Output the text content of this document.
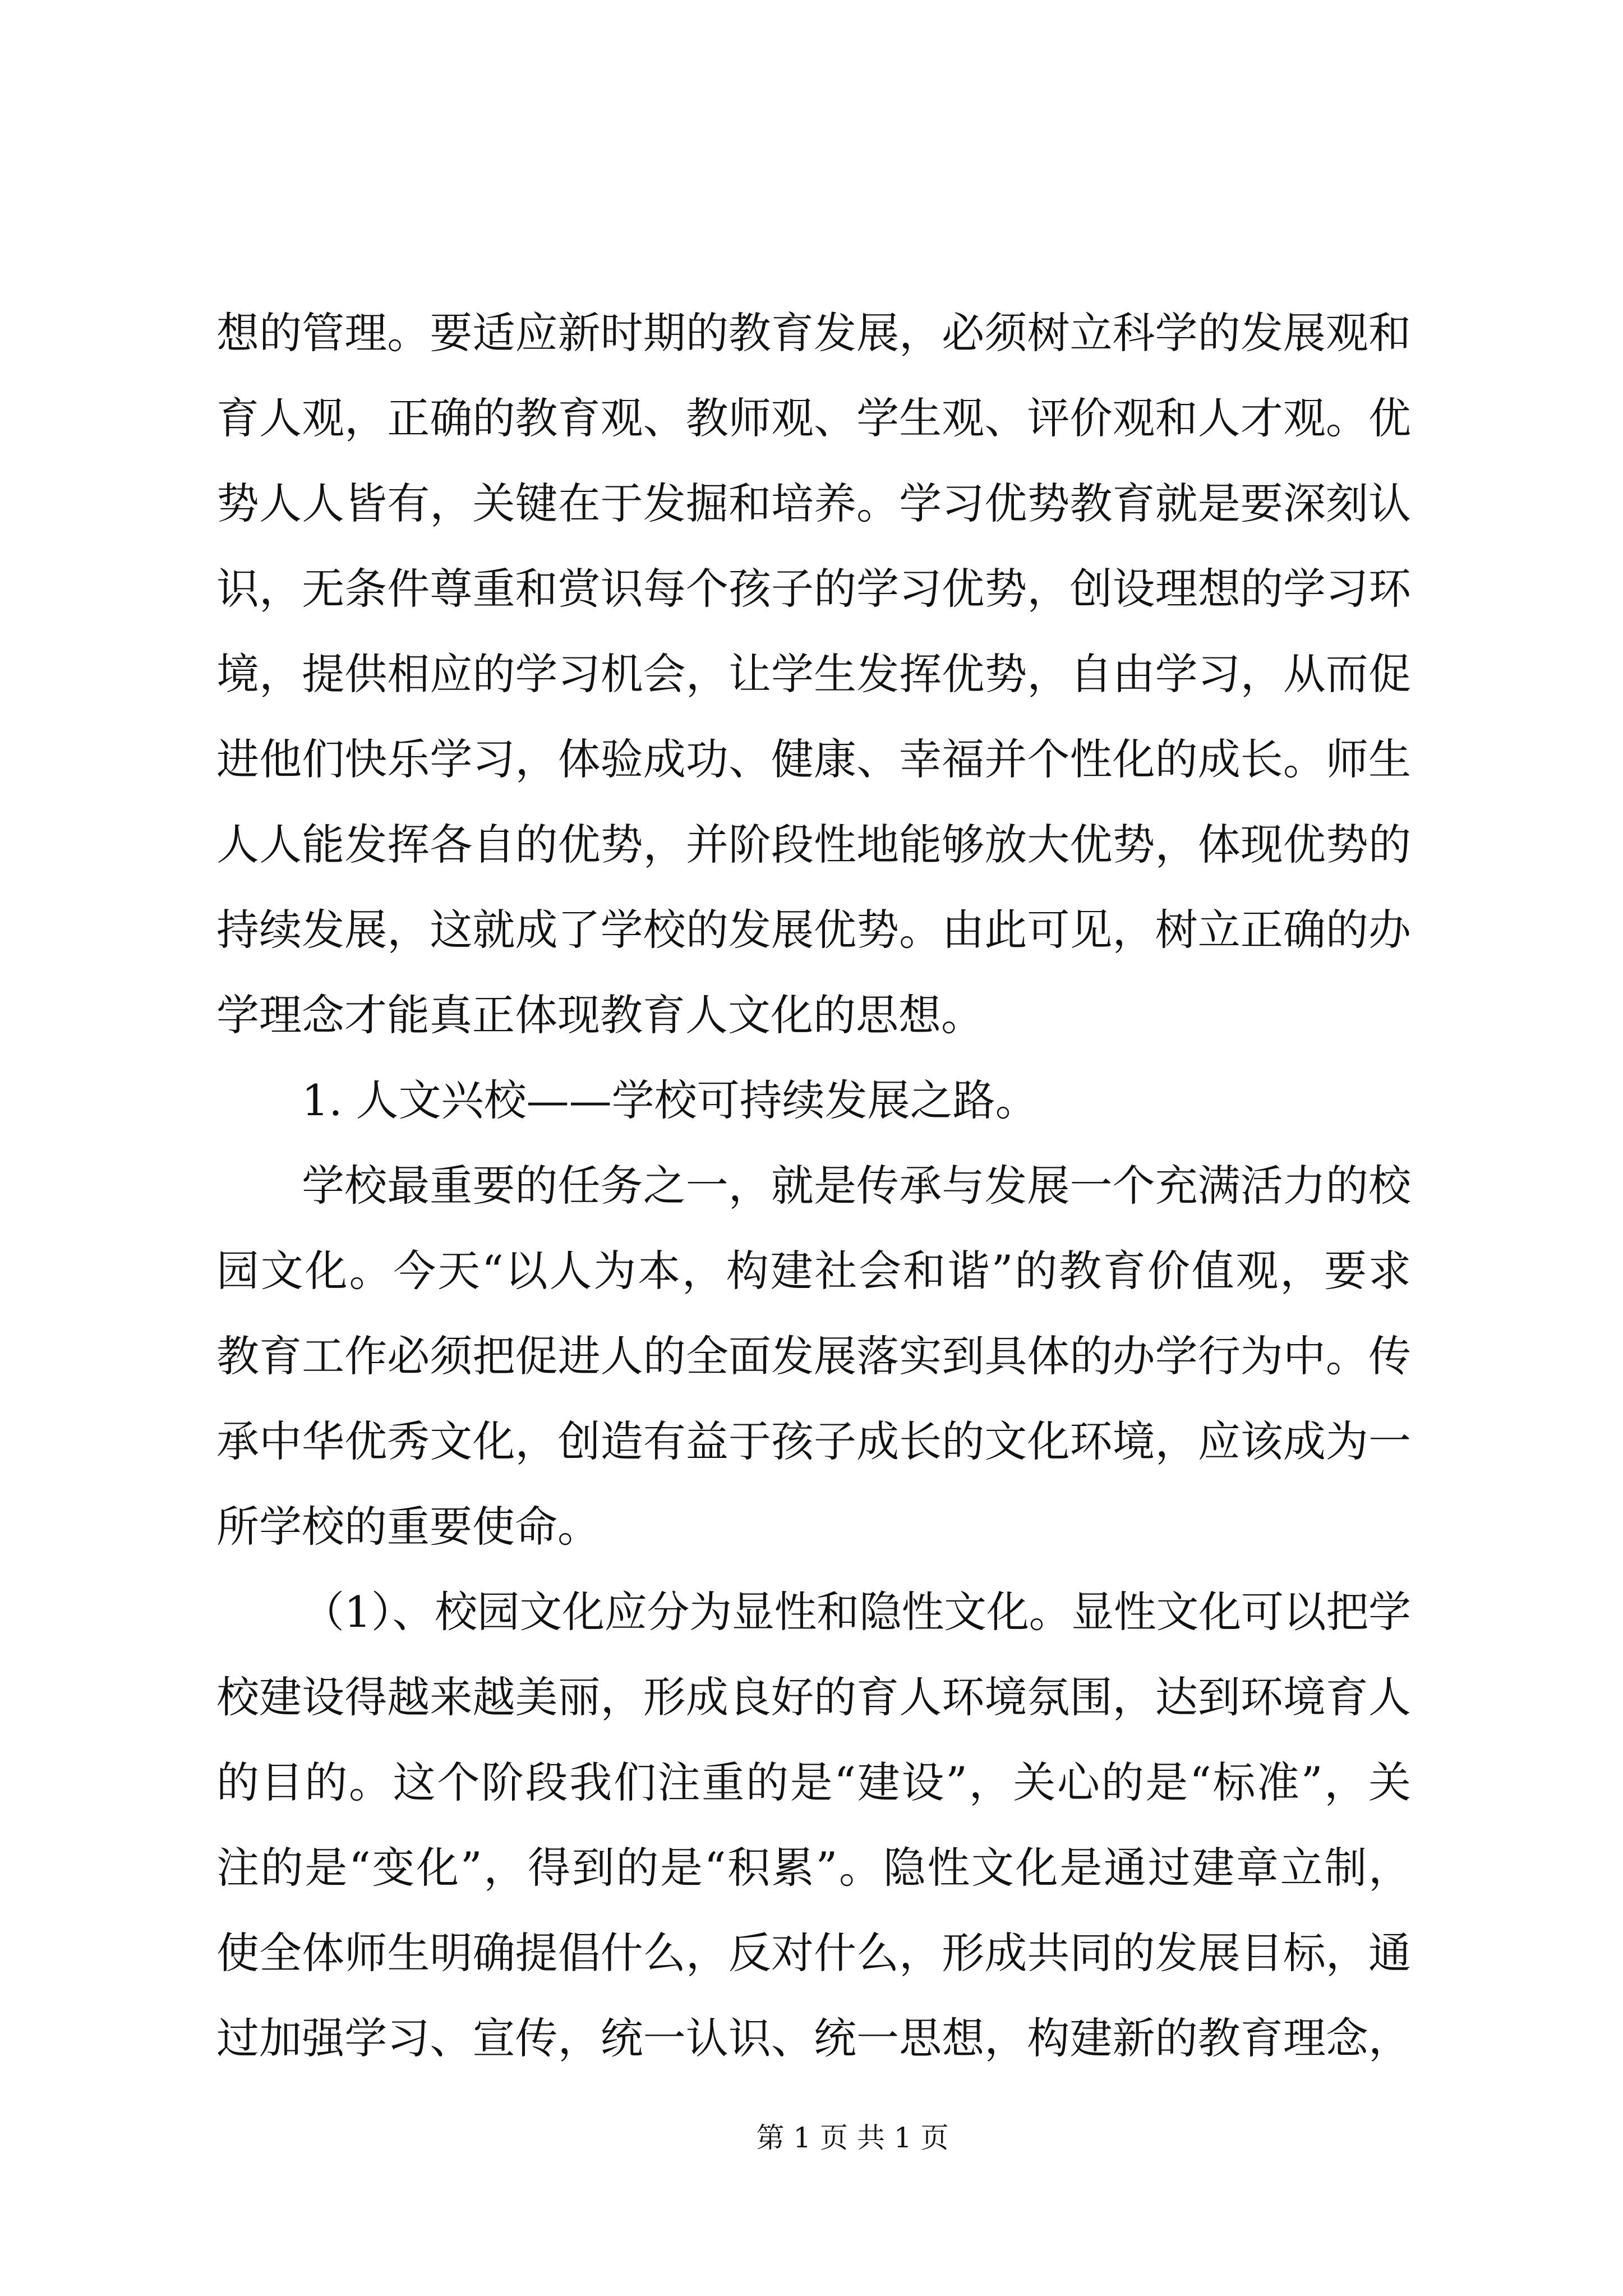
想的管理。要适应新时期的教育发展，必须树立科学的发展观和
育人观，正确的教育观、教师观、学生观、评价观和人才观。优
势人人皆有，关键在于发掘和培养。学习优势教育就是要深刻认
识，无条件尊重和赏识每个孩子的学习优势，创设理想的学习环
境，提供相应的学习机会，让学生发挥优势，自由学习，从而促
进他们快乐学习，体验成功、健康、幸福并个性化的成长。师生
人人能发挥各自的优势，并阶段性地能够放大优势，体现优势的
持续发展，这就成了学校的发展优势。由此可见，树立正确的办
学理念才能真正体现教育人文化的思想。
1. 人文兴校——学校可持续发展之路。
学校最重要的任务之一，就是传承与发展一个充满活力的校
园文化。今天“以人为本，构建社会和谐”的教育价值观，要求
教育工作必须把促进人的全面发展落实到具体的办学行为中。传
承中华优秀文化，创造有益于孩子成长的文化环境，应该成为一
所学校的重要使命。
（1）、校园文化应分为显性和隐性文化。显性文化可以把学
校建设得越来越美丽，形成良好的育人环境氛围，达到环境育人
的目的。这个阶段我们注重的是“建设”，关心的是“标准”，关
注的是“变化”，得到的是“积累”。隐性文化是通过建章立制，
使全体师生明确提倡什么，反对什么，形成共同的发展目标，通
过加强学习、宣传，统一认识、统一思想，构建新的教育理念，
第 1 页 共 1 页
